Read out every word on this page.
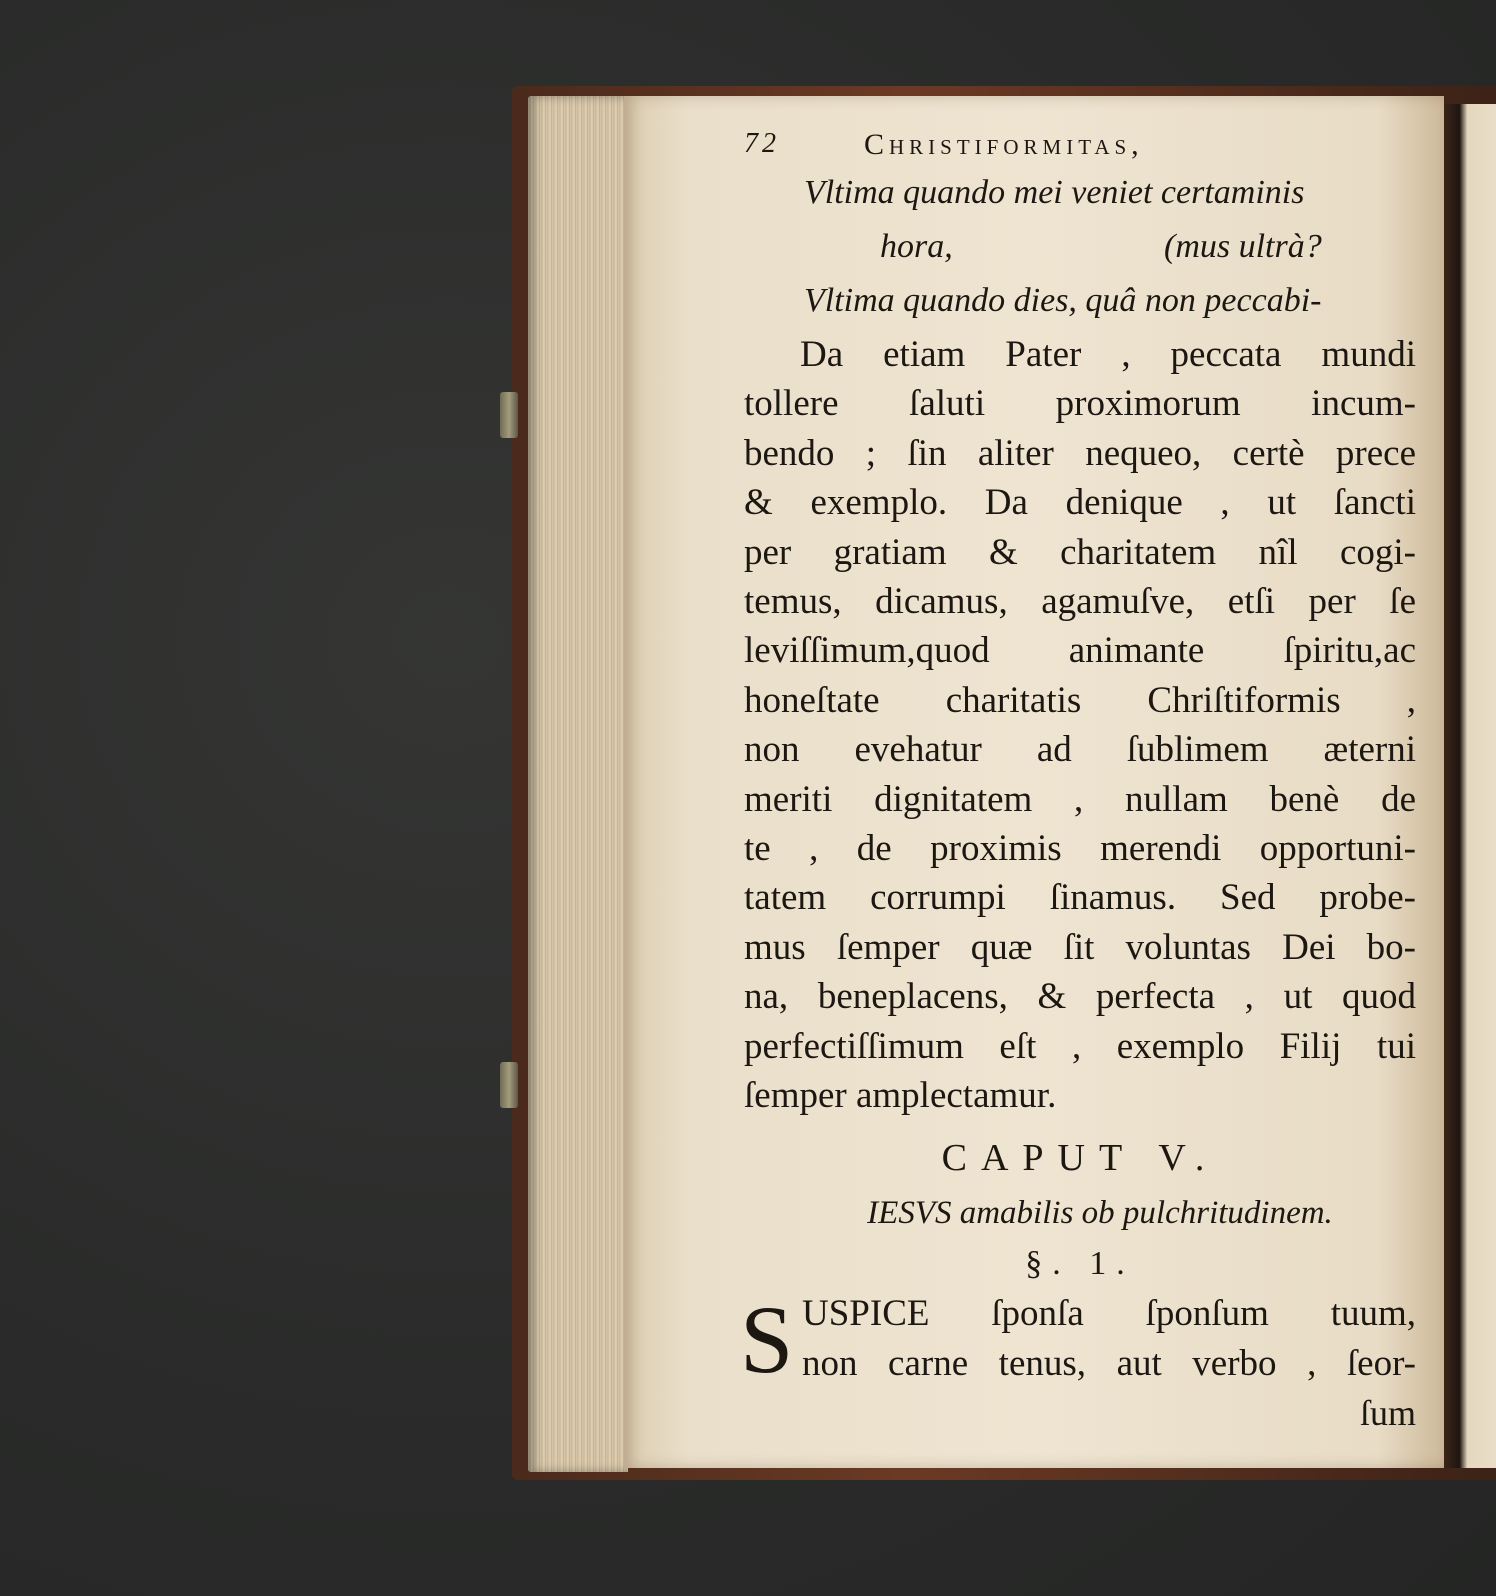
72	Christiformitas,
Vltima quando mei veniet certaminis
hora,	(mus ultrà?
Vltima quando dies, quâ non peccabi-
Da etiam Pater , peccata mundi
tollere ſaluti proximorum incum-
bendo ; ſin aliter nequeo, certè prece
& exemplo. Da denique , ut ſancti
per gratiam & charitatem nîl cogi-
temus, dicamus, agamuſve, etſi per ſe
leviſſimum,quod animante ſpiritu,ac
honeſtate charitatis Chriſtiformis ,
non evehatur ad ſublimem æterni
meriti dignitatem , nullam benè de
te , de proximis merendi opportuni-
tatem corrumpi ſinamus. Sed probe-
mus ſemper quæ ſit voluntas Dei bo-
na, beneplacens, & perfecta , ut quod
perfectiſſimum eſt , exemplo Filij tui
ſemper amplectamur.
CAPUT V.
IESVS amabilis ob pulchritudinem.
§. 1.
S USPICE ſponſa ſponſum tuum,
non carne tenus, aut verbo , ſeor-
ſum
